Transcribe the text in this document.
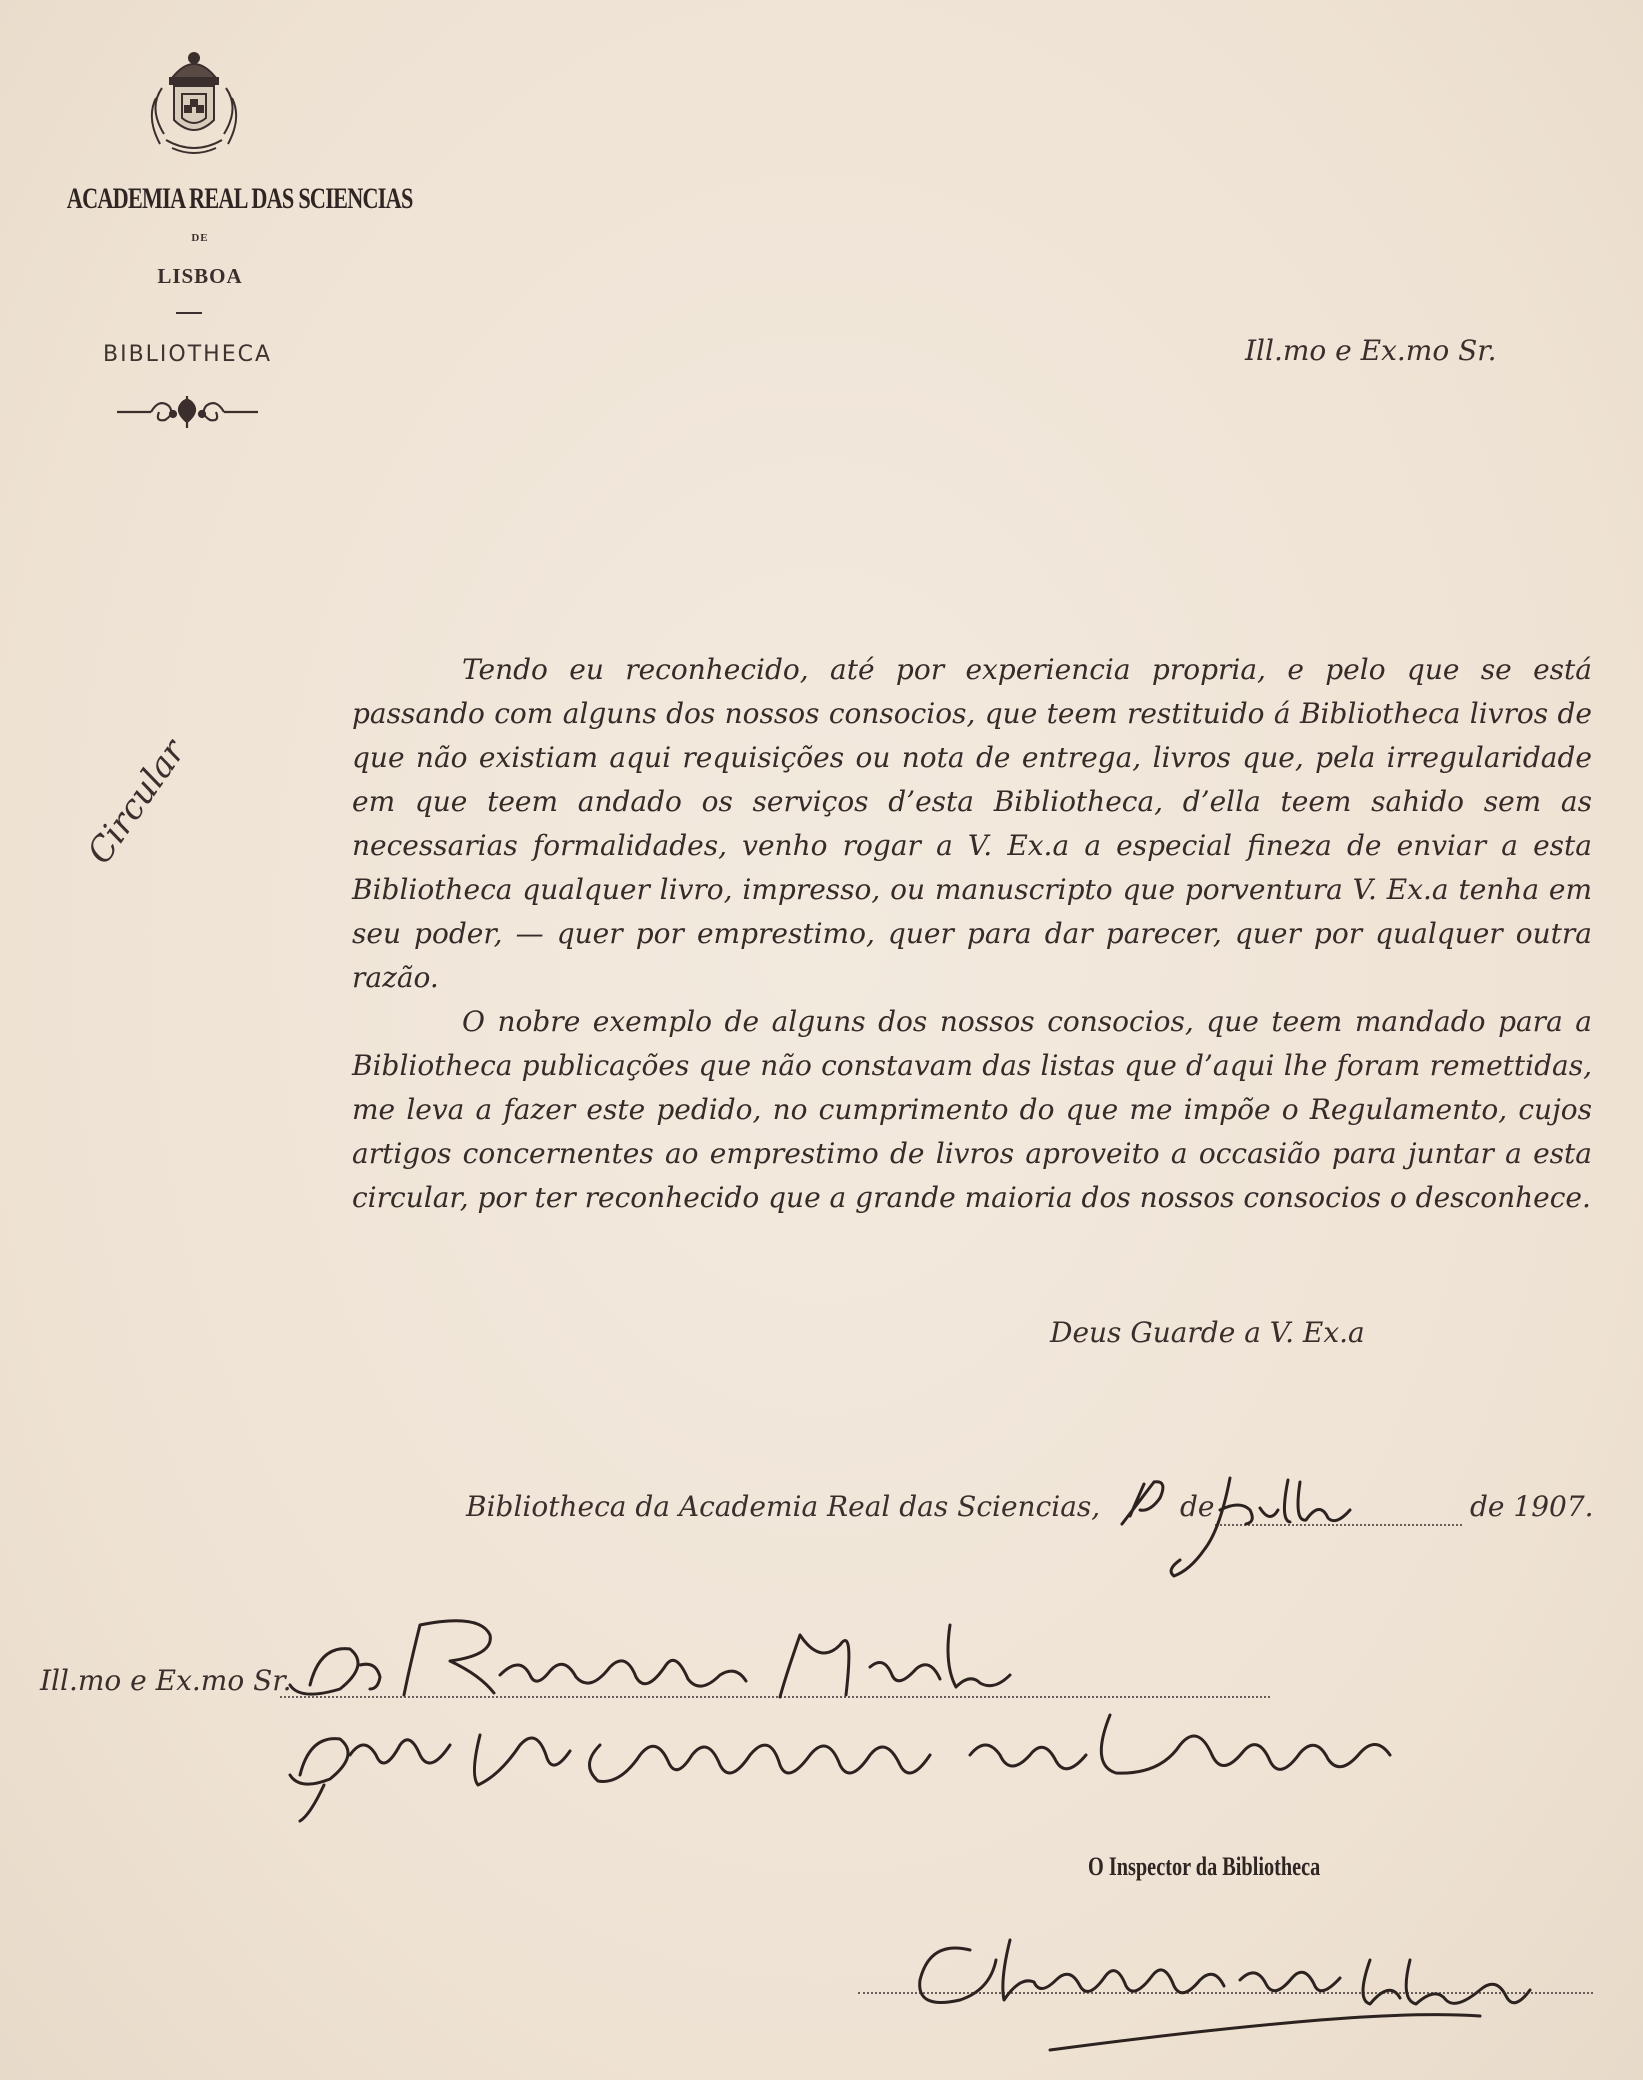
ACADEMIA REAL DAS SCIENCIAS
DE
LISBOA
BIBLIOTHECA	Ill.mo e Ex.mo Sr.
Circular

Tendo eu reconhecido, até por experiencia propria, e pelo que se está passando com alguns dos nossos consocios, que teem restituido á Bibliotheca livros de que não existiam aqui requisições ou nota de entrega, livros que, pela irregularidade em que teem andado os serviços d’esta Bibliotheca, d’ella teem sahido sem as necessarias formalidades, venho rogar a V. Ex.a a especial fineza de enviar a esta Bibliotheca qualquer livro, impresso, ou manuscripto que porventura V. Ex.a tenha em seu poder, — quer por emprestimo, quer para dar parecer, quer por qualquer outra razão.

O nobre exemplo de alguns dos nossos consocios, que teem mandado para a Bibliotheca publicações que não constavam das listas que d’aqui lhe foram remettidas, me leva a fazer este pedido, no cumprimento do que me impõe o Regulamento, cujos artigos concernentes ao emprestimo de livros aproveito a occasião para juntar a esta circular, por ter reconhecido que a grande maioria dos nossos consocios o desconhece.

Deus Guarde a V. Ex.a
Bibliotheca da Academia Real das Sciencias,	de	de 1907.
Ill.mo e Ex.mo Sr.
O Inspector da Bibliotheca
